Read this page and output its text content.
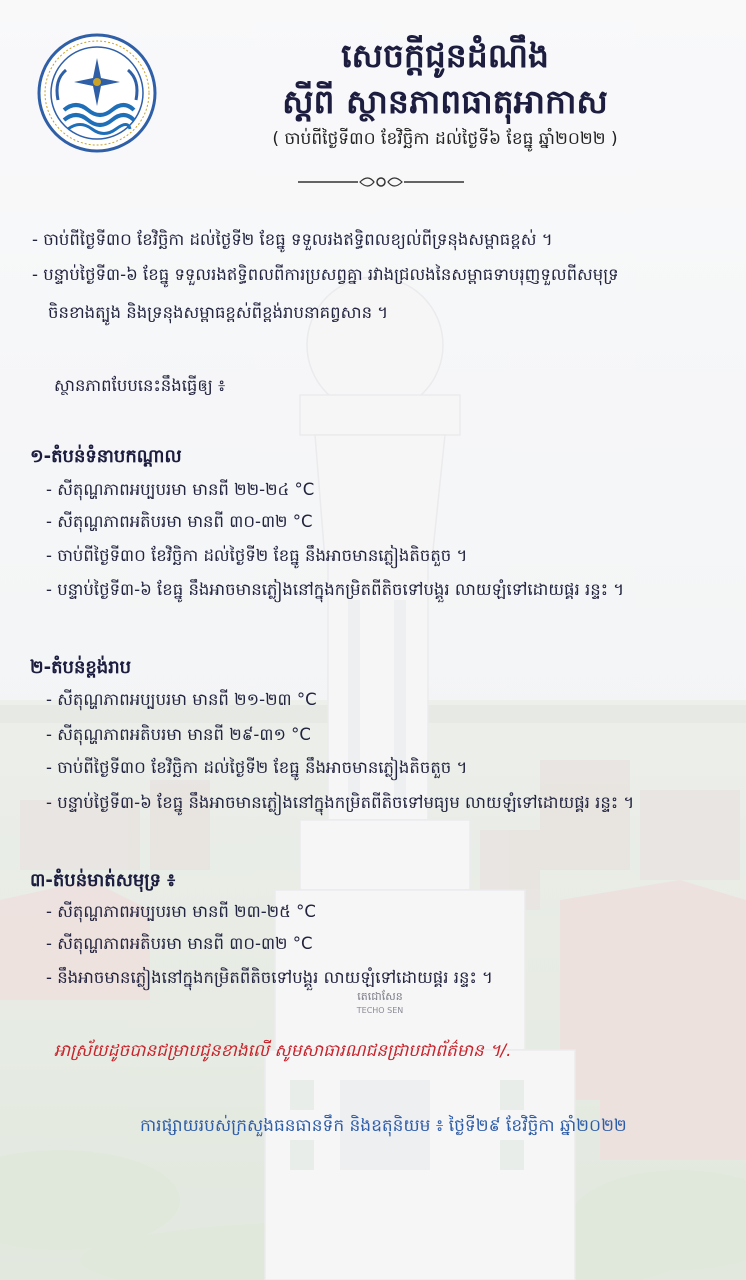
សេចក្ដីជូនដំណឹង
ស្ដីពី ស្ថានភាពធាតុអាកាស
( ចាប់ពីថ្ងៃទី៣០ ខែវិច្ឆិកា ដល់ថ្ងៃទី៦ ខែធ្នូ ឆ្នាំ២០២២ )
- ចាប់ពីថ្ងៃទី៣០ ខែវិច្ឆិកា ដល់ថ្ងៃទី២ ខែធ្នូ ទទួលរងឥទ្ធិពលខ្យល់ពីទ្រនុងសម្ពាធខ្ពស់ ។
- បន្ទាប់ថ្ងៃទី៣-៦ ខែធ្នូ ទទួលរងឥទ្ធិពលពីការប្រសព្វគ្នា រវាងជ្រលងនៃសម្ពាធទាបរុញទួលពីសមុទ្រ
ចិនខាងត្បូង និងទ្រនុងសម្ពាធខ្ពស់ពីខ្ពង់រាបនាគព្វសាន ។
ស្ថានភាពបែបនេះនឹងធ្វើឲ្យ ៖
១-តំបន់ទំនាបកណ្ដាល
- សីតុណ្ហភាពអប្បបរមា មានពី ២២-២៤ °C
- សីតុណ្ហភាពអតិបរមា មានពី ៣០-៣២ °C
- ចាប់ពីថ្ងៃទី៣០ ខែវិច្ឆិកា ដល់ថ្ងៃទី២ ខែធ្នូ នឹងអាចមានភ្លៀងតិចតួច ។
- បន្ទាប់ថ្ងៃទី៣-៦ ខែធ្នូ នឹងអាចមានភ្លៀងនៅក្នុងកម្រិតពីតិចទៅបង្គួរ លាយឡំទៅដោយផ្គរ រន្ទះ ។
២-តំបន់ខ្ពង់រាប
- សីតុណ្ហភាពអប្បបរមា មានពី ២១-២៣ °C
- សីតុណ្ហភាពអតិបរមា មានពី ២៩-៣១ °C
- ចាប់ពីថ្ងៃទី៣០ ខែវិច្ឆិកា ដល់ថ្ងៃទី២ ខែធ្នូ នឹងអាចមានភ្លៀងតិចតួច ។
- បន្ទាប់ថ្ងៃទី៣-៦ ខែធ្នូ នឹងអាចមានភ្លៀងនៅក្នុងកម្រិតពីតិចទៅមធ្យម លាយឡំទៅដោយផ្គរ រន្ទះ ។
៣-តំបន់មាត់សមុទ្រ ៖
- សីតុណ្ហភាពអប្បបរមា មានពី ២៣-២៥ °C
- សីតុណ្ហភាពអតិបរមា មានពី ៣០-៣២ °C
- នឹងអាចមានភ្លៀងនៅក្នុងកម្រិតពីតិចទៅបង្គួរ លាយឡំទៅដោយផ្គរ រន្ទះ ។
តេជោសែន
TECHO SEN
អាស្រ័យដូចបានជម្រាបជូនខាងលើ សូមសាធារណជនជ្រាបជាព័ត៌មាន ។/.
ការផ្សាយរបស់ក្រសួងធនធានទឹក និងឧតុនិយម ៖ ថ្ងៃទី២៩ ខែវិច្ឆិកា ឆ្នាំ២០២២
